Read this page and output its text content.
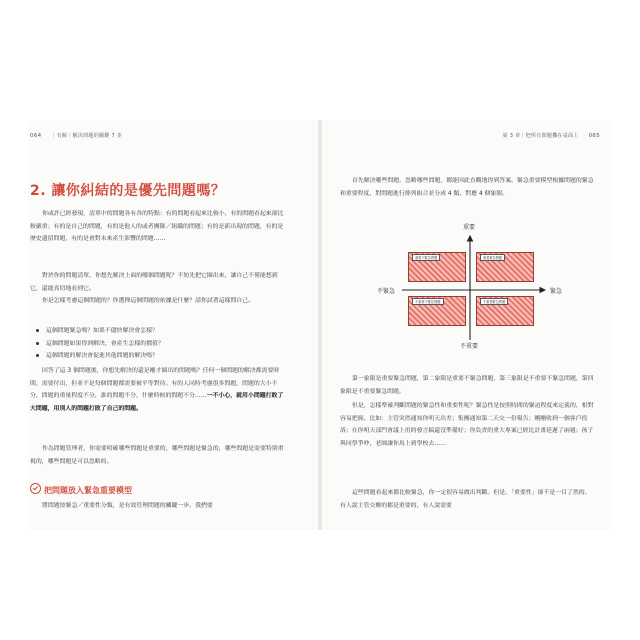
064 ｜有解｜解決問題的關鍵 7 步
2. 讓你糾結的是優先問題嗎？

你或許已經發現，清單中的問題各有各的特點：有的問題看起來比較小，有的問題看起來卻比較嚴重；有的是自己的問題，有的是他人的或者團隊／組織的問題；有的是新出現的問題，有的是歷史遺留問題，有的是會對未來產生影響的問題……

對於你的問題清單，你想先解決上面的哪個問題呢？不妨先把它圈出來，讓自己不僅能想到它，還能真切地看到它。

你是怎樣考慮這個問題的？你選擇這個問題的依據是什麼？請你試著這樣問自己。

這個問題緊急嗎？如果不儘快解決會怎樣？
這個問題如果得到解決，會產生怎樣的價值？
這個問題的解決會促進其他問題的解決嗎？

回答了這 3 個問題後，你想先解決的還是剛才圈出的問題嗎？任何一個問題的解決都需要時間，需要付出，但並不是每個問題都需要被平等對待。有的人同時考慮很多問題，問題的大小不分，問題的重量程度不分，誰的問題不分，什麼時候的問題不分……一不小心，就用小問題打敗了大問題，用別人的問題打敗了自己的問題。

作為問題管理者，你需要明確哪些問題是重要的，哪些問題是緊急的，哪些問題是需要特別重視的，哪些問題是可以忽略的。

把問題放入緊急重要模型

將問題按緊急／重要性分類，是有效管理問題的關鍵一步。我們要

第 3 章｜把所有問題攤在桌面上 065

首先解決哪些問題，忽略哪些問題，都能因此直觀地得到答案。緊急重要模型根據問題的緊急和重要程度，對問題進行排列組合並分成 4 類，對應 4 個象限。

重要
不重要
不緊急	緊急
重要不緊急問題	重要緊急問題
不重要不緊急問題	不重要緊急問題

第一象限是重要緊急問題，第二象限是重要不緊急問題，第三象限是不重要不緊急問題，第四象限是不重要緊急問題。

但是，怎樣準確判斷問題的緊急性和重要性呢？緊急性是按照時間的緊迫程度來定義的，相對容易把握。比如：主管突然通知你明天出差；集團通知第二天交一份報告；剛剛收到一個客戶投訴；在你明天部門會議上用的發言稿還沒準備好；你負責的重大專案已經比計畫延遲了兩週；孩子與同學爭吵，老師讓你馬上到學校去……

這些問題看起來都比較緊急，你一定很容易做出判斷。但是，「重要性」卻不是一目了然的。有人說主管交辦的都是重要的，有人說需要
